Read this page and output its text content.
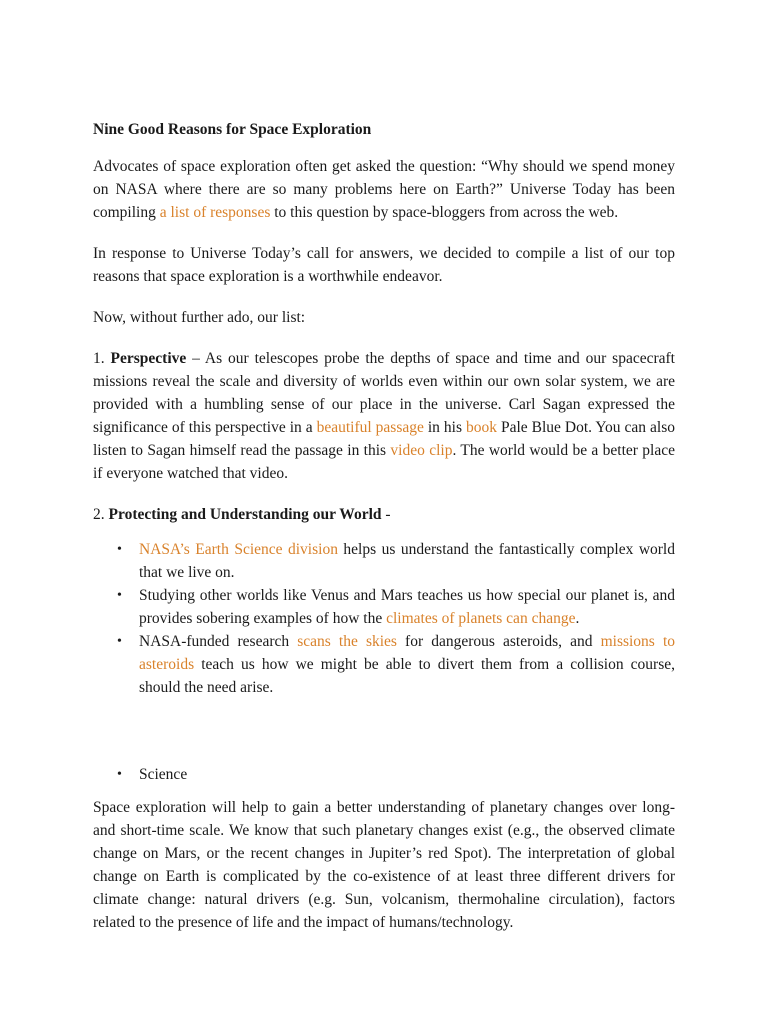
Nine Good Reasons for Space Exploration

Advocates of space exploration often get asked the question: “Why should we spend money on NASA where there are so many problems here on Earth?” Universe Today has been compiling a list of responses to this question by space-bloggers from across the web.

In response to Universe Today’s call for answers, we decided to compile a list of our top reasons that space exploration is a worthwhile endeavor.

Now, without further ado, our list:

1. Perspective – As our telescopes probe the depths of space and time and our spacecraft missions reveal the scale and diversity of worlds even within our own solar system, we are provided with a humbling sense of our place in the universe. Carl Sagan expressed the significance of this perspective in a beautiful passage in his book Pale Blue Dot. You can also listen to Sagan himself read the passage in this video clip. The world would be a better place if everyone watched that video.

2. Protecting and Understanding our World -

• NASA’s Earth Science division helps us understand the fantastically complex world that we live on.
• Studying other worlds like Venus and Mars teaches us how special our planet is, and provides sobering examples of how the climates of planets can change.
• NASA-funded research scans the skies for dangerous asteroids, and missions to asteroids teach us how we might be able to divert them from a collision course, should the need arise.
• Science

Space exploration will help to gain a better understanding of planetary changes over long- and short-time scale. We know that such planetary changes exist (e.g., the observed climate change on Mars, or the recent changes in Jupiter’s red Spot). The interpretation of global change on Earth is complicated by the co-existence of at least three different drivers for climate change: natural drivers (e.g. Sun, volcanism, thermohaline circulation), factors related to the presence of life and the impact of humans/technology.
